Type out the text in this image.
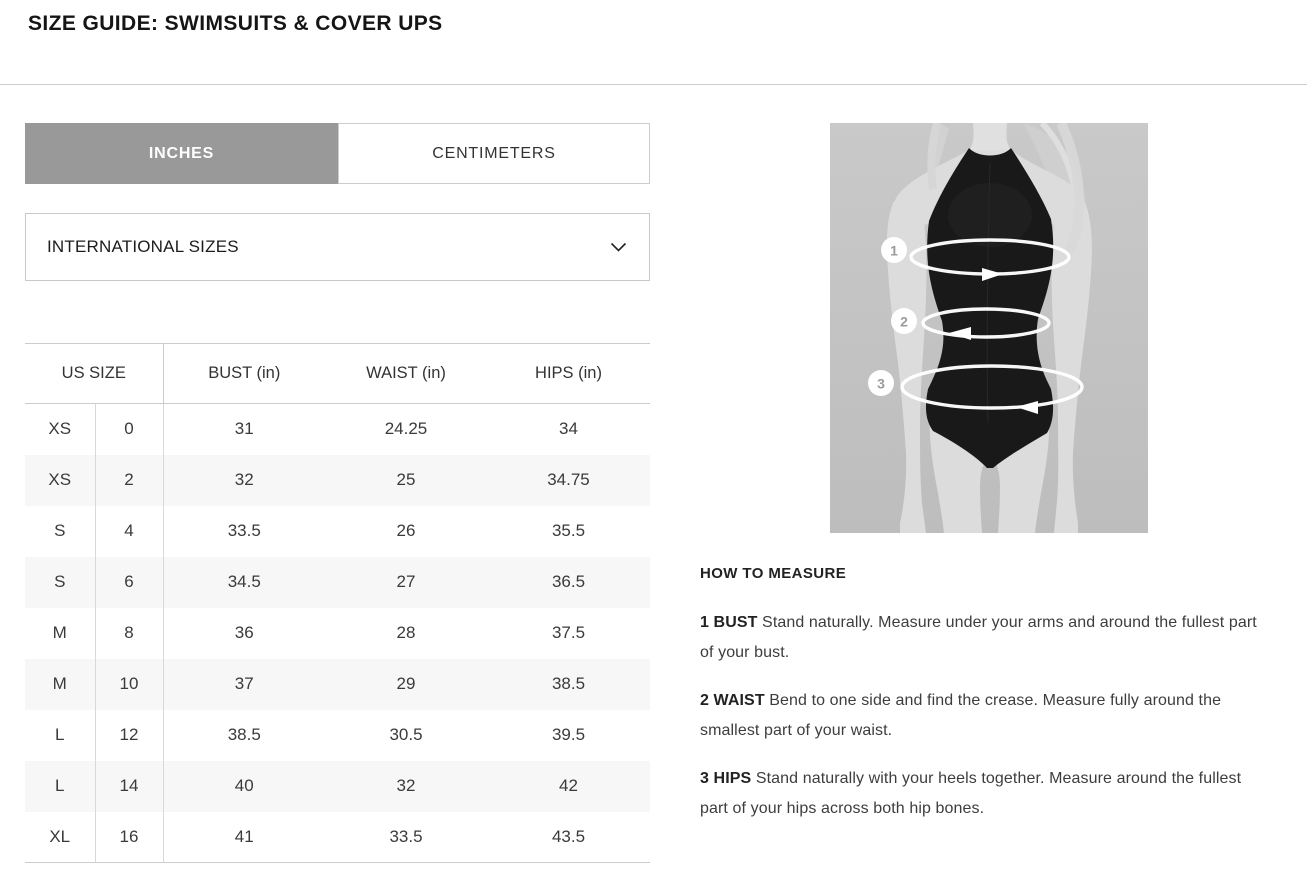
SIZE GUIDE: SWIMSUITS & COVER UPS
INCHES	CENTIMETERS
INTERNATIONAL SIZES
US SIZE		BUST (in)	WAIST (in)	HIPS (in)
XS	0	31	24.25	34
XS	2	32	25	34.75
S	4	33.5	26	35.5
S	6	34.5	27	36.5
M	8	36	28	37.5
M	10	37	29	38.5
L	12	38.5	30.5	39.5
L	14	40	32	42
XL	16	41	33.5	43.5
1
2
3
HOW TO MEASURE

1 BUST Stand naturally. Measure under your arms and around the fullest part of your bust.

2 WAIST Bend to one side and find the crease. Measure fully around the smallest part of your waist.

3 HIPS Stand naturally with your heels together. Measure around the fullest part of your hips across both hip bones.
